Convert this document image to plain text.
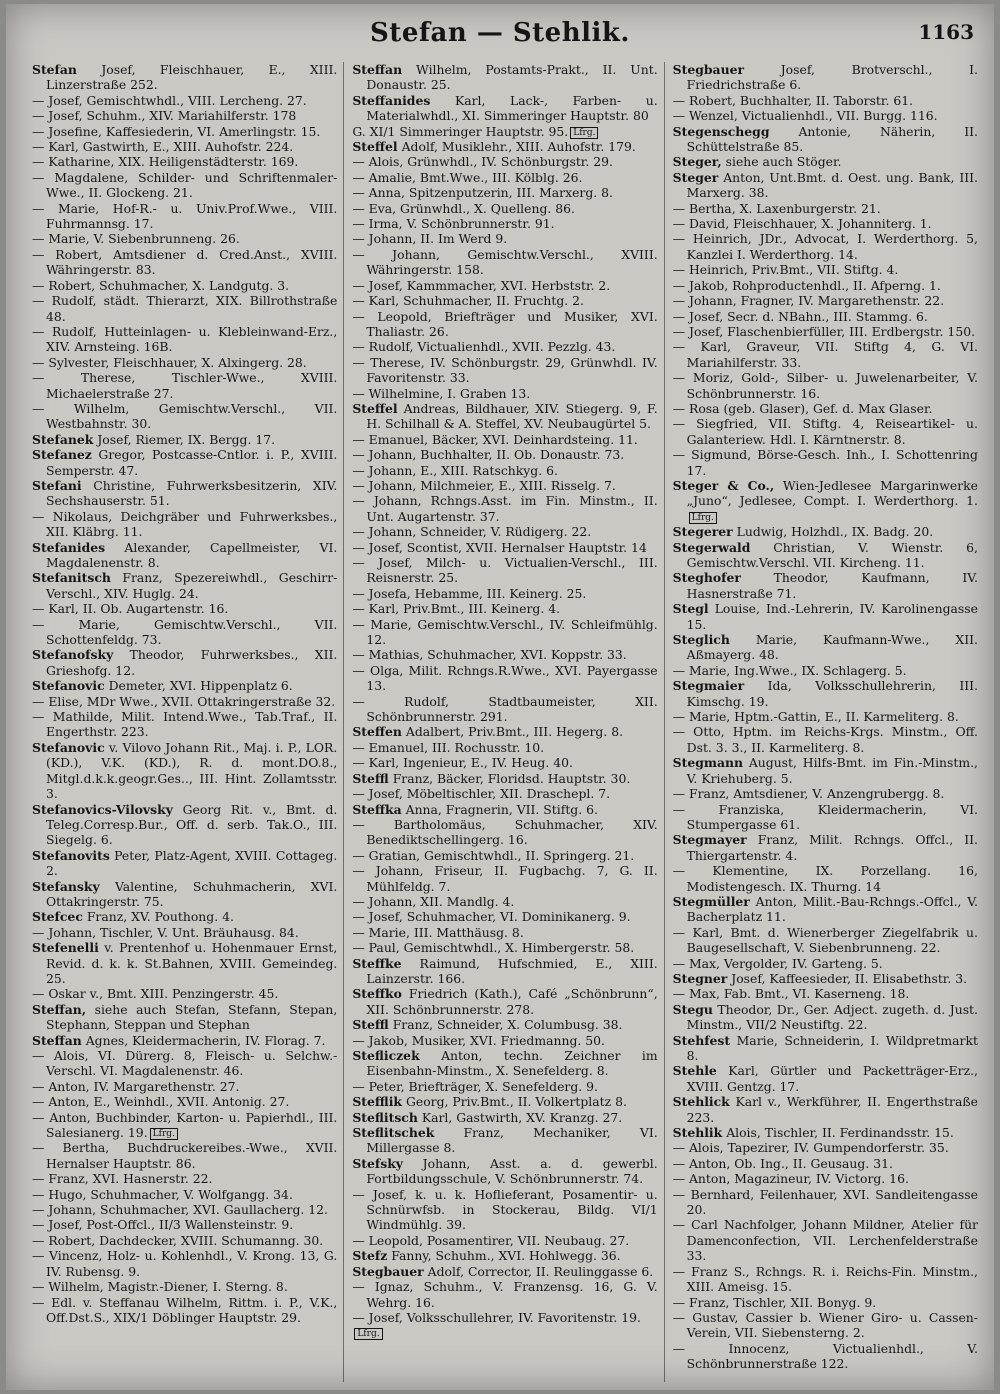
Stefan — Stehlik.	1163

Stefan Josef, Fleischhauer, E., XIII. Linzerstraße 252.

— Josef, Gemischtwhdl., VIII. Lercheng. 27.

— Josef, Schuhm., XIV. Mariahilferstr. 178

— Josefine, Kaffesiederin, VI. Amerlingstr. 15.

— Karl, Gastwirth, E., XIII. Auhofstr. 224.

— Katharine, XIX. Heiligenstädterstr. 169.

— Magdalene, Schilder- und Schriftenmaler-Wwe., II. Glockeng. 21.

— Marie, Hof-R.- u. Univ.Prof.Wwe., VIII. Fuhrmannsg. 17.

— Marie, V. Siebenbrunneng. 26.

— Robert, Amtsdiener d. Cred.Anst., XVIII. Währingerstr. 83.

— Robert, Schuhmacher, X. Landgutg. 3.

— Rudolf, städt. Thierarzt, XIX. Billrothstraße 48.

— Rudolf, Hutteinlagen- u. Klebleinwand-Erz., XIV. Arnsteing. 16B.

— Sylvester, Fleischhauer, X. Alxingerg. 28.

— Therese, Tischler-Wwe., XVIII. Michaelerstraße 27.

— Wilhelm, Gemischtw.Verschl., VII. Westbahnstr. 30.

Stefanek Josef, Riemer, IX. Bergg. 17.

Stefanez Gregor, Postcasse-Cntlor. i. P., XVIII. Semperstr. 47.

Stefani Christine, Fuhrwerksbesitzerin, XIV. Sechshauserstr. 51.

— Nikolaus, Deichgräber und Fuhrwerksbes., XII. Kläbrg. 11.

Stefanides Alexander, Capellmeister, VI. Magdalenenstr. 8.

Stefanitsch Franz, Spezereiwhdl., Geschirr-Verschl., XIV. Huglg. 24.

— Karl, II. Ob. Augartenstr. 16.

— Marie, Gemischtw.Verschl., VII. Schottenfeldg. 73.

Stefanofsky Theodor, Fuhrwerksbes., XII. Grieshofg. 12.

Stefanovic Demeter, XVI. Hippenplatz 6.

— Elise, MDr Wwe., XVII. Ottakringerstraße 32.

— Mathilde, Milit. Intend.Wwe., Tab.Traf., II. Engerthstr. 223.

Stefanovic v. Vilovo Johann Rit., Maj. i. P., LOR. (KD.), V.K. (KD.), R. d. mont.DO.8., Mitgl.d.k.k.geogr.Ges.., III. Hint. Zollamtsstr. 3.

Stefanovics-Vilovsky Georg Rit. v., Bmt. d. Teleg.Corresp.Bur., Off. d. serb. Tak.O., III. Siegelg. 6.

Stefanovits Peter, Platz-Agent, XVIII. Cottageg. 2.

Stefansky Valentine, Schuhmacherin, XVI. Ottakringerstr. 75.

Stefcec Franz, XV. Pouthong. 4.

— Johann, Tischler, V. Unt. Bräuhausg. 84.

Stefenelli v. Prentenhof u. Hohenmauer Ernst, Revid. d. k. k. St.Bahnen, XVIII. Gemeindeg. 25.

— Oskar v., Bmt. XIII. Penzingerstr. 45.

Steffan, siehe auch Stefan, Stefann, Stepan, Stephann, Steppan und Stephan

Steffan Agnes, Kleidermacherin, IV. Florag. 7.

— Alois, VI. Dürerg. 8, Fleisch- u. Selchw.-Verschl. VI. Magdalenenstr. 46.

— Anton, IV. Margarethenstr. 27.

— Anton, E., Weinhdl., XVII. Antonig. 27.

— Anton, Buchbinder, Karton- u. Papierhdl., III. Salesianerg. 19. Lfrg.

— Bertha, Buchdruckereibes.-Wwe., XVII. Hernalser Hauptstr. 86.

— Franz, XVI. Hasnerstr. 22.

— Hugo, Schuhmacher, V. Wolfgangg. 34.

— Johann, Schuhmacher, XVI. Gaullacherg. 12.

— Josef, Post-Offcl., II/3 Wallensteinstr. 9.

— Robert, Dachdecker, XVIII. Schumanng. 30.

— Vincenz, Holz- u. Kohlenhdl., V. Krong. 13, G. IV. Rubensg. 9.

— Wilhelm, Magistr.-Diener, I. Sterng. 8.

— Edl. v. Steffanau Wilhelm, Rittm. i. P., V.K., Off.Dst.S., XIX/1 Döblinger Hauptstr. 29.

Steffan Wilhelm, Postamts-Prakt., II. Unt. Donaustr. 25.

Steffanides Karl, Lack-, Farben- u. Materialwhdl., XI. Simmeringer Hauptstr. 80

G. XI/1 Simmeringer Hauptstr. 95. Lfrg.

Steffel Adolf, Musiklehr., XIII. Auhofstr. 179.

— Alois, Grünwhdl., IV. Schönburgstr. 29.

— Amalie, Bmt.Wwe., III. Kölblg. 26.

— Anna, Spitzenputzerin, III. Marxerg. 8.

— Eva, Grünwhdl., X. Quelleng. 86.

— Irma, V. Schönbrunnerstr. 91.

— Johann, II. Im Werd 9.

— Johann, Gemischtw.Verschl., XVIII. Währingerstr. 158.

— Josef, Kammmacher, XVI. Herbststr. 2.

— Karl, Schuhmacher, II. Fruchtg. 2.

— Leopold, Briefträger und Musiker, XVI. Thaliastr. 26.

— Rudolf, Victualienhdl., XVII. Pezzlg. 43.

— Therese, IV. Schönburgstr. 29, Grünwhdl. IV. Favoritenstr. 33.

— Wilhelmine, I. Graben 13.

Steffel Andreas, Bildhauer, XIV. Stiegerg. 9, F. H. Schilhall & A. Steffel, XV. Neubaugürtel 5.

— Emanuel, Bäcker, XVI. Deinhardsteing. 11.

— Johann, Buchhalter, II. Ob. Donaustr. 73.

— Johann, E., XIII. Ratschkyg. 6.

— Johann, Milchmeier, E., XIII. Risselg. 7.

— Johann, Rchngs.Asst. im Fin. Minstm., II. Unt. Augartenstr. 37.

— Johann, Schneider, V. Rüdigerg. 22.

— Josef, Scontist, XVII. Hernalser Hauptstr. 14

— Josef, Milch- u. Victualien-Verschl., III. Reisnerstr. 25.

— Josefa, Hebamme, III. Keinerg. 25.

— Karl, Priv.Bmt., III. Keinerg. 4.

— Marie, Gemischtw.Verschl., IV. Schleifmühlg. 12.

— Mathias, Schuhmacher, XVI. Koppstr. 33.

— Olga, Milit. Rchngs.R.Wwe., XVI. Payergasse 13.

— Rudolf, Stadtbaumeister, XII. Schönbrunnerstr. 291.

Steffen Adalbert, Priv.Bmt., III. Hegerg. 8.

— Emanuel, III. Rochusstr. 10.

— Karl, Ingenieur, E., IV. Heug. 40.

Steffl Franz, Bäcker, Floridsd. Hauptstr. 30.

— Josef, Möbeltischler, XII. Draschepl. 7.

Steffka Anna, Fragnerin, VII. Stiftg. 6.

— Bartholomäus, Schuhmacher, XIV. Benediktschellingerg. 16.

— Gratian, Gemischtwhdl., II. Springerg. 21.

— Johann, Friseur, II. Fugbachg. 7, G. II. Mühlfeldg. 7.

— Johann, XII. Mandlg. 4.

— Josef, Schuhmacher, VI. Dominikanerg. 9.

— Marie, III. Matthäusg. 8.

— Paul, Gemischtwhdl., X. Himbergerstr. 58.

Steffke Raimund, Hufschmied, E., XIII. Lainzerstr. 166.

Steffko Friedrich (Kath.), Café „Schönbrunn“, XII. Schönbrunnerstr. 278.

Steffl Franz, Schneider, X. Columbusg. 38.

— Jakob, Musiker, XVI. Friedmanng. 50.

Stefliczek Anton, techn. Zeichner im Eisenbahn-Minstm., X. Senefelderg. 8.

— Peter, Briefträger, X. Senefelderg. 9.

Stefflik Georg, Priv.Bmt., II. Volkertplatz 8.

Steflitsch Karl, Gastwirth, XV. Kranzg. 27.

Steflitschek Franz, Mechaniker, VI. Millergasse 8.

Stefsky Johann, Asst. a. d. gewerbl. Fortbildungsschule, V. Schönbrunnerstr. 74.

— Josef, k. u. k. Hoflieferant, Posamentir- u. Schnürwfsb. in Stockerau, Bildg. VI/1 Windmühlg. 39.

— Leopold, Posamentirer, VII. Neubaug. 27.

Stefz Fanny, Schuhm., XVI. Hohlwegg. 36.

Stegbauer Adolf, Corrector, II. Reulinggasse 6.

— Ignaz, Schuhm., V. Franzensg. 16, G. V. Wehrg. 16.

— Josef, Volksschullehrer, IV. Favoritenstr. 19.

Lfrg.

Stegbauer	Josef, Brotverschl., I. Friedrichstraße 6.

— Robert, Buchhalter, II. Taborstr. 61.

— Wenzel, Victualienhdl., VII. Burgg. 116.

Stegenschegg Antonie, Näherin, II. Schüttelstraße 85.

Steger, siehe auch Stöger.

Steger Anton, Unt.Bmt. d. Oest. ung. Bank, III. Marxerg. 38.

— Bertha, X. Laxenburgerstr. 21.

— David, Fleischhauer, X. Johanniterg. 1.

— Heinrich, JDr., Advocat, I. Werderthorg. 5, Kanzlei I. Werderthorg. 14.

— Heinrich, Priv.Bmt., VII. Stiftg. 4.

— Jakob, Rohproductenhdl., II. Afperng. 1.

— Johann, Fragner, IV. Margarethenstr. 22.

— Josef, Secr. d. NBahn., III. Stammg. 6.

— Josef, Flaschenbierfüller, III. Erdbergstr. 150.

— Karl, Graveur, VII. Stiftg 4, G. VI. Mariahilferstr. 33.

— Moriz, Gold-, Silber- u. Juwelenarbeiter, V. Schönbrunnerstr. 16.

— Rosa (geb. Glaser), Gef. d. Max Glaser.

— Siegfried, VII. Stiftg. 4, Reiseartikel- u. Galanteriew. Hdl. I. Kärntnerstr. 8.

— Sigmund, Börse-Gesch. Inh., I. Schottenring 17.

Steger & Co., Wien-Jedlesee Margarinwerke „Juno“, Jedlesee, Compt. I. Werderthorg. 1.Lfrg.

Stegerer Ludwig, Holzhdl., IX. Badg. 20.

Stegerwald Christian, V. Wienstr. 6, Gemischtw.Verschl. VII. Kircheng. 11.

Steghofer	Theodor, Kaufmann, IV. Hasnerstraße 71.

Stegl Louise, Ind.-Lehrerin, IV. Karolinengasse 15.

Steglich Marie, Kaufmann-Wwe., XII. Aßmayerg. 48.

— Marie, Ing.Wwe., IX. Schlagerg. 5.

Stegmaier Ida, Volksschullehrerin, III. Kimschg. 19.

— Marie, Hptm.-Gattin, E., II. Karmeliterg. 8.

— Otto, Hptm. im Reichs-Krgs. Minstm., Off. Dst. 3. 3., II. Karmeliterg. 8.

Stegmann August, Hilfs-Bmt. im Fin.-Minstm., V. Kriehuberg. 5.

— Franz, Amtsdiener, V. Anzengrubergg. 8.

— Franziska, Kleidermacherin, VI. Stumpergasse 61.

Stegmayer Franz, Milit. Rchngs. Offcl., II. Thiergartenstr. 4.

— Klementine, IX. Porzellang. 16, Modistengesch. IX. Thurng. 14

Stegmüller Anton, Milit.-Bau-Rchngs.-Offcl., V. Bacherplatz 11.

— Karl, Bmt. d. Wienerberger Ziegelfabrik u. Baugesellschaft, V. Siebenbrunneng. 22.

— Max, Vergolder, IV. Garteng. 5.

Stegner Josef, Kaffeesieder, II. Elisabethstr. 3.

— Max, Fab. Bmt., VI. Kaserneng. 18.

Stegu Theodor, Dr., Ger. Adject. zugeth. d. Just. Minstm., VII/2 Neustiftg. 22.

Stehfest Marie, Schneiderin, I. Wildpretmarkt 8.

Stehle Karl, Gürtler und Packetträger-Erz., XVIII. Gentzg. 17.

Stehlick Karl v., Werkführer, II. Engerthstraße 223.

Stehlik Alois, Tischler, II. Ferdinandsstr. 15.

— Alois, Tapezirer, IV. Gumpendorferstr. 35.

— Anton, Ob. Ing., II. Geusaug. 31.

— Anton, Magazineur, IV. Victorg. 16.

— Bernhard, Feilenhauer, XVI. Sandleitengasse 20.

— Carl Nachfolger, Johann Mildner, Atelier für Damenconfection, VII. Lerchenfelderstraße 33.

— Franz S., Rchngs. R. i. Reichs-Fin. Minstm., XIII. Ameisg. 15.

— Franz, Tischler, XII. Bonyg. 9.

— Gustav, Cassier b. Wiener Giro- u. Cassen-Verein, VII. Siebensterng. 2.

— Innocenz, Victualienhdl., V. Schönbrunnerstraße 122.
